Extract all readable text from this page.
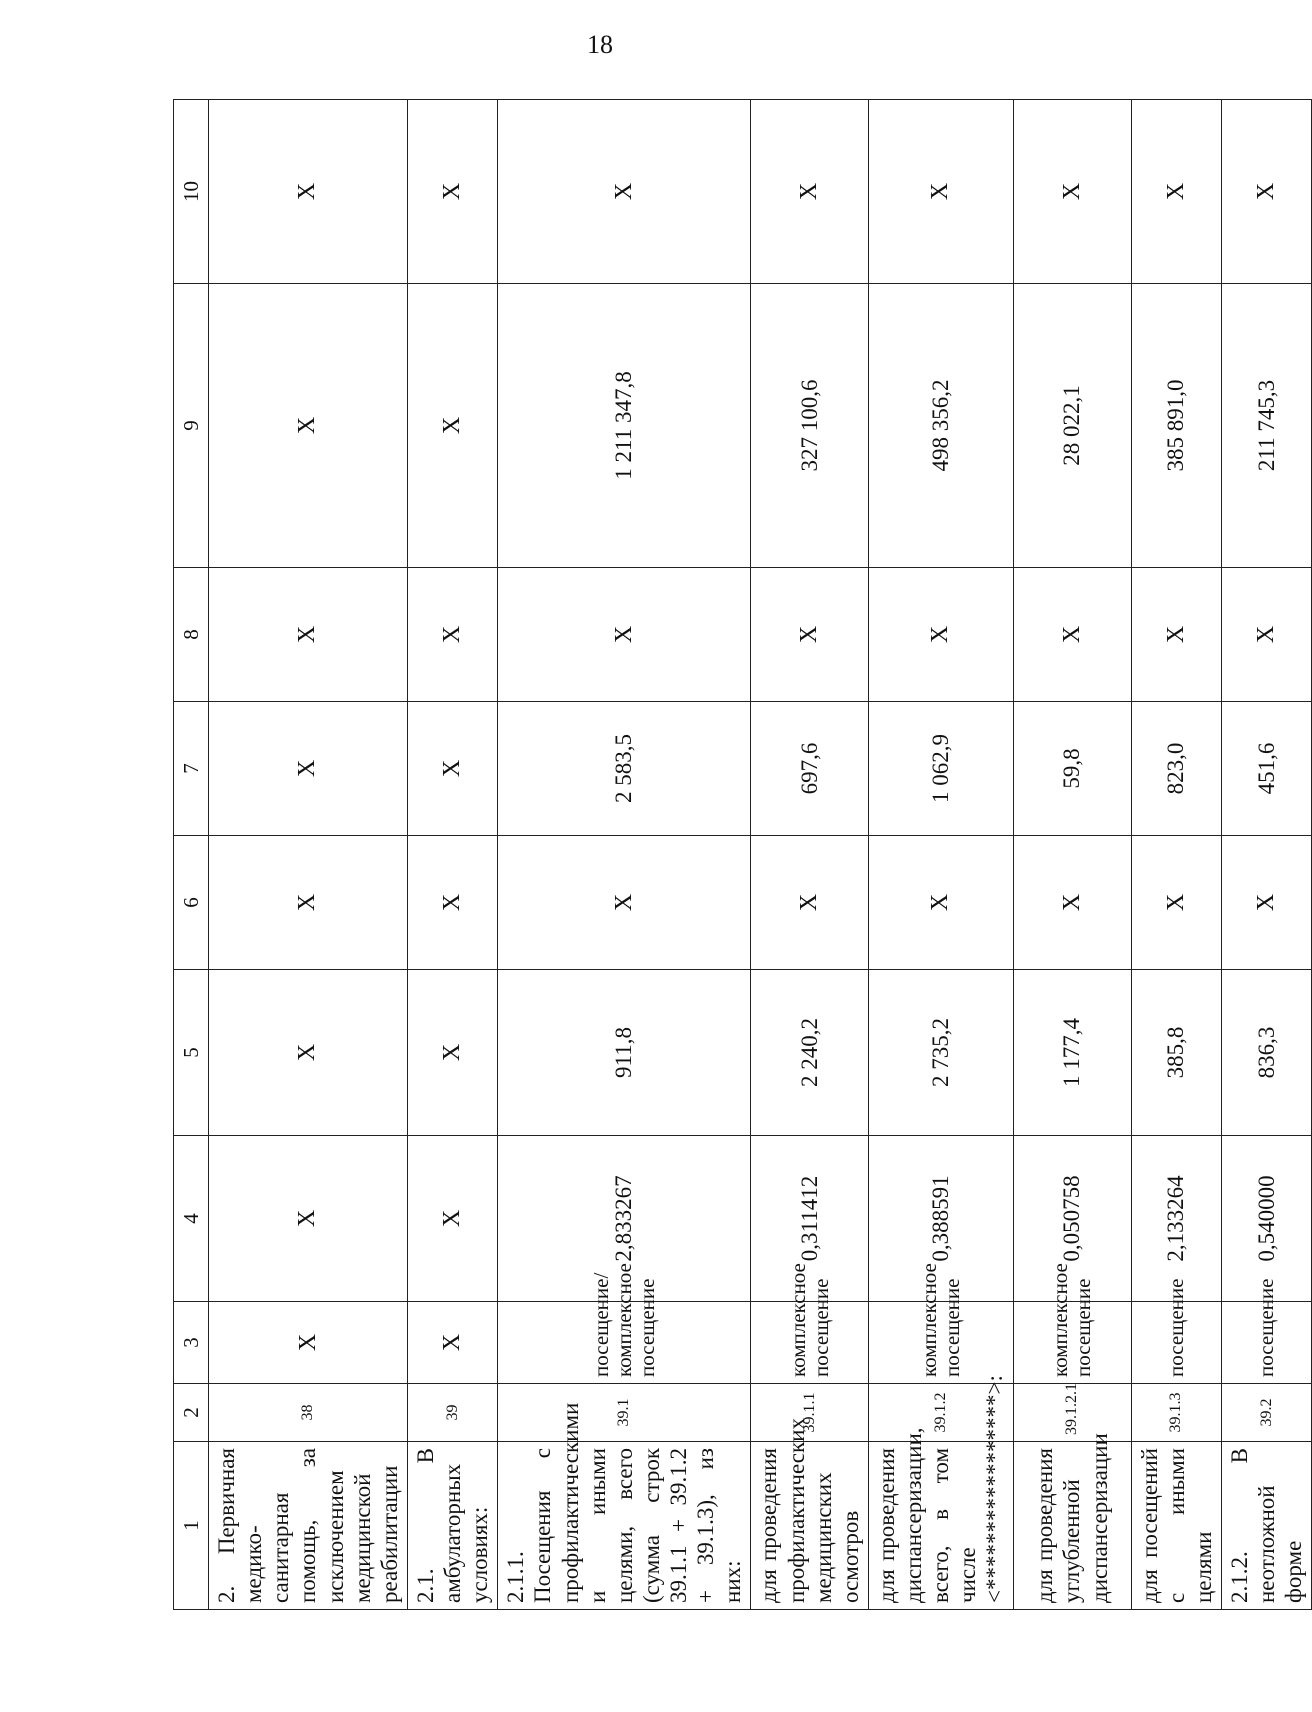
18
1	2	3	4	5	6	7	8	9	10
2. Первичная медико-санитарная помощь, за исключением медицинской реабилитации	38	X	X	X	X	X	X	X	X
2.1. В амбулаторных условиях:	39	X	X	X	X	X	X	X	X
2.1.1. Посещения с профилактическими и иными целями, всего (сумма строк 39.1.1 + 39.1.2 + 39.1.3), из них:	39.1	посещение/ комплексное посещение	2,833267	911,8	X	2 583,5	X	1 211 347,8	X
для проведения профилактических медицинских осмотров	39.1.1	комплексное посещение	0,311412	2 240,2	X	697,6	X	327 100,6	X
для проведения диспансеризации, всего, в том числе <*****************>:	39.1.2	комплексное посещение	0,388591	2 735,2	X	1 062,9	X	498 356,2	X
для проведения углубленной диспансеризации	39.1.2.1	комплексное посещение	0,050758	1 177,4	X	59,8	X	28 022,1	X
для посещений с иными целями	39.1.3	посещение	2,133264	385,8	X	823,0	X	385 891,0	X
2.1.2. В неотложной форме	39.2	посещение	0,540000	836,3	X	451,6	X	211 745,3	X
